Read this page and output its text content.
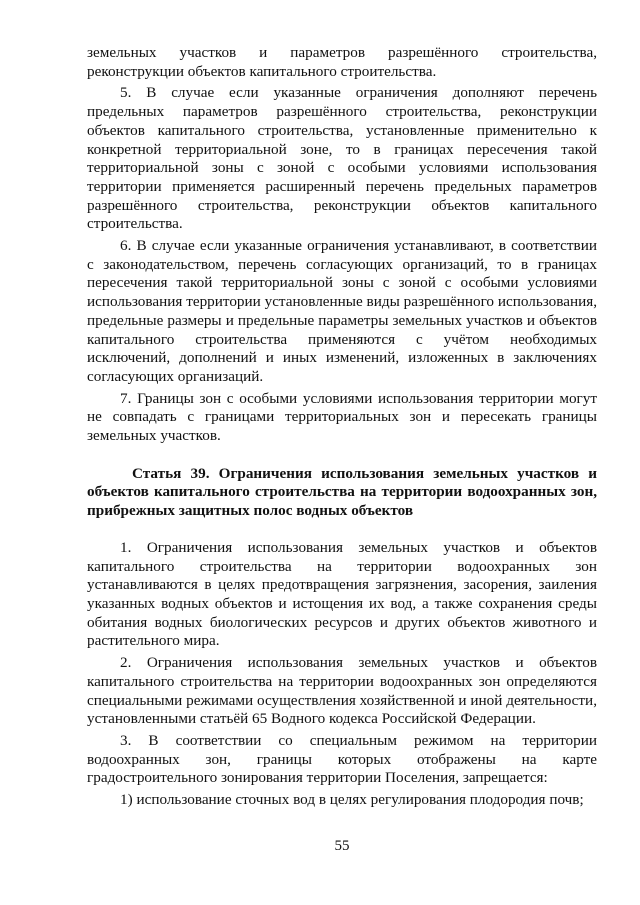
земельных участков и параметров разрешённого строительства, реконструкции объектов капитального строительства.

5. В случае если указанные ограничения дополняют перечень предельных параметров разрешённого строительства, реконструкции объектов капитального строительства, установленные применительно к конкретной территориальной зоне, то в границах пересечения такой территориальной зоны с зоной с особыми условиями использования территории применяется расширенный перечень предельных параметров разрешённого строительства, реконструкции объектов капитального строительства.

6. В случае если указанные ограничения устанавливают, в соответствии с законодательством, перечень согласующих организаций, то в границах пересечения такой территориальной зоны с зоной с особыми условиями использования территории установленные виды разрешённого использования, предельные размеры и предельные параметры земельных участков и объектов капитального строительства применяются с учётом необходимых исключений, дополнений и иных изменений, изложенных в заключениях согласующих организаций.

7. Границы зон с особыми условиями использования территории могут не совпадать с границами территориальных зон и пересекать границы земельных участков.

Статья 39. Ограничения использования земельных участков и объектов капитального строительства на территории водоохранных зон, прибрежных защитных полос водных объектов

1. Ограничения использования земельных участков и объектов капитального строительства на территории водоохранных зон устанавливаются в целях предотвращения загрязнения, засорения, заиления указанных водных объектов и истощения их вод, а также сохранения среды обитания водных биологических ресурсов и других объектов животного и растительного мира.

2. Ограничения использования земельных участков и объектов капитального строительства на территории водоохранных зон определяются специальными режимами осуществления хозяйственной и иной деятельности, установленными статьёй 65 Водного кодекса Российской Федерации.

3. В соответствии со специальным режимом на территории водоохранных зон, границы которых отображены на карте градостроительного зонирования территории Поселения, запрещается:

1) использование сточных вод в целях регулирования плодородия почв;

55
